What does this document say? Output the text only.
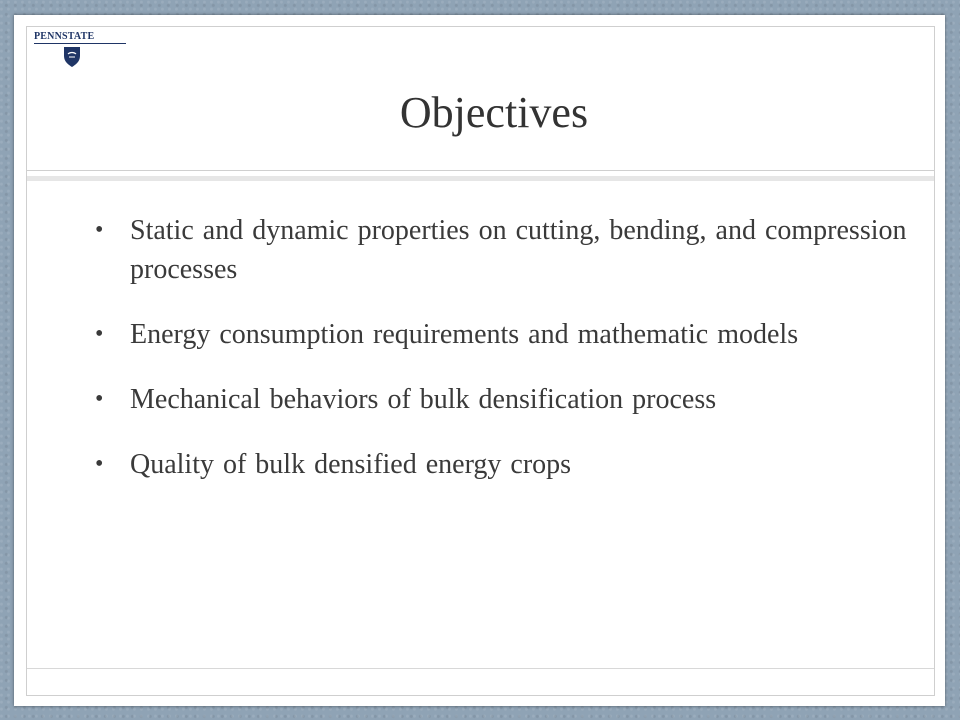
PENNSTATE
Objectives
• Static and dynamic properties on cutting, bending, and compression processes
• Energy consumption requirements and mathematic models
• Mechanical behaviors of bulk densification process
• Quality of bulk densified energy crops
